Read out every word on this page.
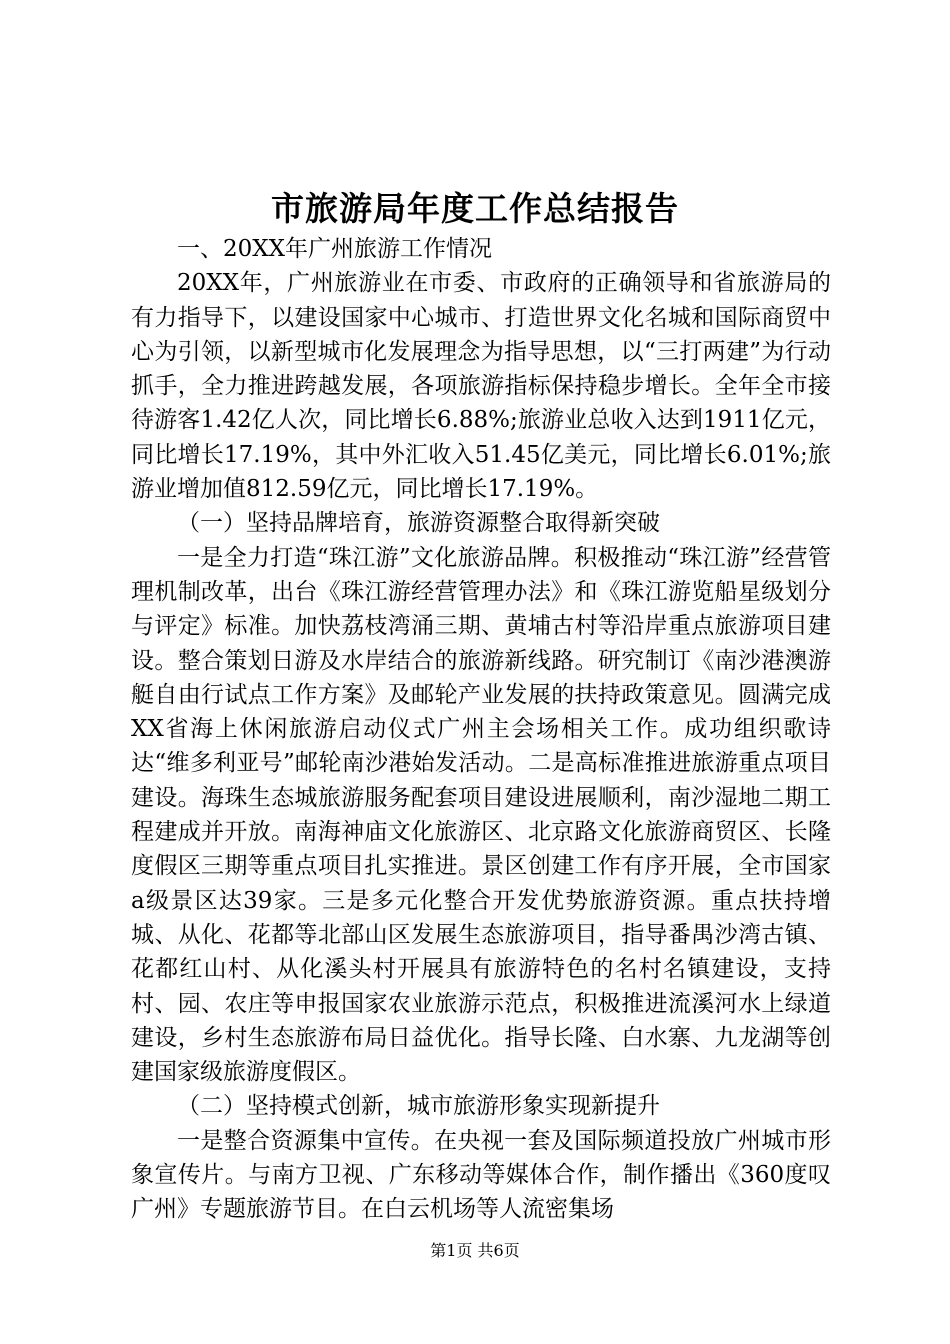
市旅游局年度工作总结报告

一、20XX年广州旅游工作情况

20XX年，广州旅游业在市委、市政府的正确领导和省旅游局的有力指导下，以建设国家中心城市、打造世界文化名城和国际商贸中心为引领，以新型城市化发展理念为指导思想，以“三打两建”为行动抓手，全力推进跨越发展，各项旅游指标保持稳步增长。全年全市接待游客1.42亿人次，同比增长6.88%;旅游业总收入达到1911亿元，同比增长17.19%，其中外汇收入51.45亿美元，同比增长6.01%;旅游业增加值812.59亿元，同比增长17.19%。

（一）坚持品牌培育，旅游资源整合取得新突破

一是全力打造“珠江游”文化旅游品牌。积极推动“珠江游”经营管理机制改革，出台《珠江游经营管理办法》和《珠江游览船星级划分与评定》标准。加快荔枝湾涌三期、黄埔古村等沿岸重点旅游项目建设。整合策划日游及水岸结合的旅游新线路。研究制订《南沙港澳游艇自由行试点工作方案》及邮轮产业发展的扶持政策意见。圆满完成XX省海上休闲旅游启动仪式广州主会场相关工作。成功组织歌诗达“维多利亚号”邮轮南沙港始发活动。二是高标准推进旅游重点项目建设。海珠生态城旅游服务配套项目建设进展顺利，南沙湿地二期工程建成并开放。南海神庙文化旅游区、北京路文化旅游商贸区、长隆度假区三期等重点项目扎实推进。景区创建工作有序开展，全市国家a级景区达39家。三是多元化整合开发优势旅游资源。重点扶持增城、从化、花都等北部山区发展生态旅游项目，指导番禺沙湾古镇、花都红山村、从化溪头村开展具有旅游特色的名村名镇建设，支持村、园、农庄等申报国家农业旅游示范点，积极推进流溪河水上绿道建设，乡村生态旅游布局日益优化。指导长隆、白水寨、九龙湖等创建国家级旅游度假区。

（二）坚持模式创新，城市旅游形象实现新提升

一是整合资源集中宣传。在央视一套及国际频道投放广州城市形象宣传片。与南方卫视、广东移动等媒体合作，制作播出《360度叹广州》专题旅游节目。在白云机场等人流密集场

第1页 共6页
